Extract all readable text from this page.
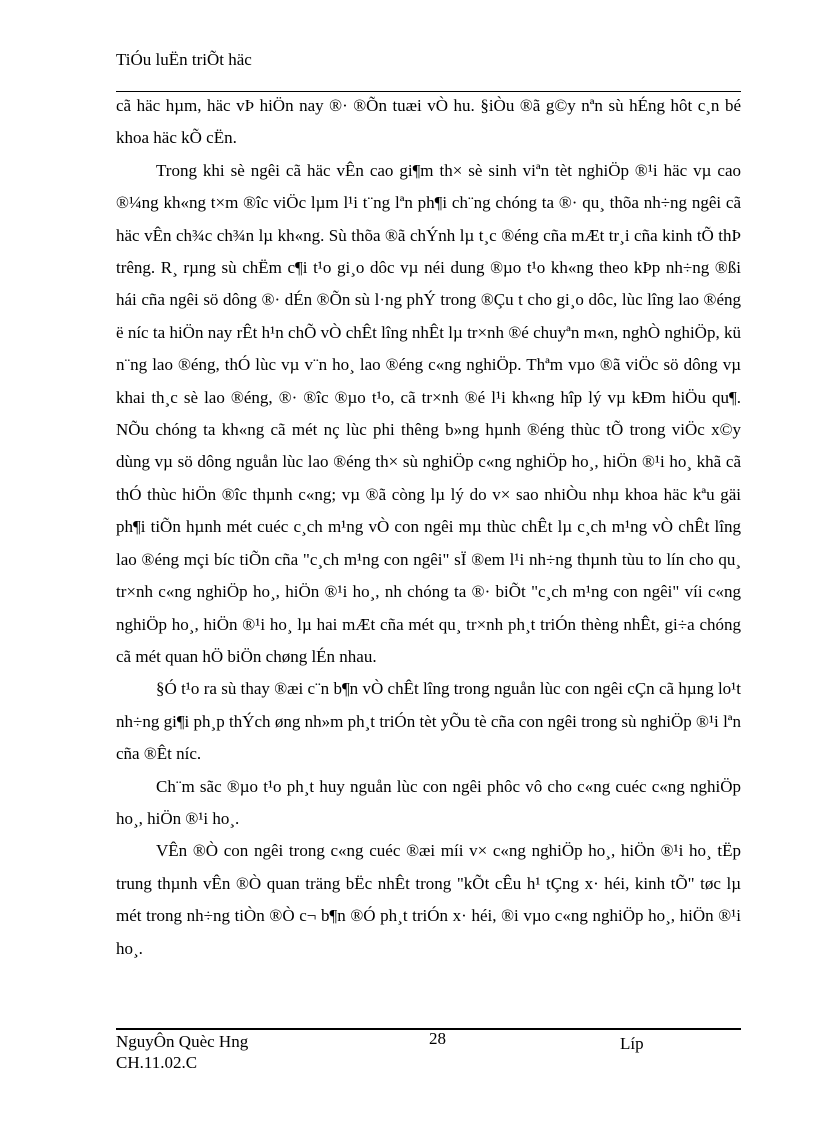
TiÓu luËn triÕt häc

cã häc hµm, häc vÞ hiÖn nay ®· ®Õn tuæi vÒ hu. §iÒu ®ã g©y nªn sù hÉng hôt c¸n bé khoa häc kÕ cËn.

Trong khi sè ngêi cã häc vÊn cao gi¶m th× sè sinh viªn tèt nghiÖp ®¹i häc vµ cao ®¼ng kh«ng t×m ®îc viÖc lµm l¹i t¨ng lªn ph¶i ch¨ng chóng ta ®· qu¸ thõa nh÷ng ngêi cã häc vÊn ch¾c ch¾n lµ kh«ng. Sù thõa ®ã chÝnh lµ t¸c ®éng cña mÆt tr¸i cña kinh tÕ thÞ trêng. R¸ rµng sù chËm c¶i t¹o gi¸o dôc vµ néi dung ®µo t¹o kh«ng theo kÞp nh÷ng ®ßi hái cña ngêi sö dông ®· dÉn ®Õn sù l·ng phÝ trong ®Çu t cho gi¸o dôc, lùc lîng lao ®éng ë níc ta hiÖn nay rÊt h¹n chÕ vÒ chÊt lîng nhÊt lµ tr×nh ®é chuyªn m«n, nghÒ nghiÖp, kü n¨ng lao ®éng, thÓ lùc vµ v¨n ho¸ lao ®éng c«ng nghiÖp. Thªm vµo ®ã viÖc sö dông vµ khai th¸c sè lao ®éng, ®· ®îc ®µo t¹o, cã tr×nh ®é l¹i kh«ng hîp lý vµ kÐm hiÖu qu¶. NÕu chóng ta kh«ng cã mét nç lùc phi thêng b»ng hµnh ®éng thùc tÕ trong viÖc x©y dùng vµ sö dông nguån lùc lao ®éng th× sù nghiÖp c«ng nghiÖp ho¸, hiÖn ®¹i ho¸ khã cã thÓ thùc hiÖn ®îc thµnh c«ng; vµ ®ã còng lµ lý do v× sao nhiÒu nhµ khoa häc kªu gäi ph¶i tiÕn hµnh mét cuéc c¸ch m¹ng vÒ con ngêi mµ thùc chÊt lµ c¸ch m¹ng vÒ chÊt lîng lao ®éng mçi bíc tiÕn cña "c¸ch m¹ng con ngêi" sÏ ®em l¹i nh÷ng thµnh tùu to lín cho qu¸ tr×nh c«ng nghiÖp ho¸, hiÖn ®¹i ho¸, nh chóng ta ®· biÕt "c¸ch m¹ng con ngêi" víi c«ng nghiÖp ho¸, hiÖn ®¹i ho¸ lµ hai mÆt cña mét qu¸ tr×nh ph¸t triÓn thèng nhÊt, gi÷a chóng cã mét quan hÖ biÖn chøng lÉn nhau.

§Ó t¹o ra sù thay ®æi c¨n b¶n vÒ chÊt lîng trong nguån lùc con ngêi cÇn cã hµng lo¹t nh÷ng gi¶i ph¸p thÝch øng nh»m ph¸t triÓn tèt yÕu tè cña con ngêi trong sù nghiÖp ®¹i lªn cña ®Êt níc.

Ch¨m sãc ®µo t¹o ph¸t huy nguån lùc con ngêi phôc vô cho c«ng cuéc c«ng nghiÖp ho¸, hiÖn ®¹i ho¸.

VÊn ®Ò con ngêi trong c«ng cuéc ®æi míi v× c«ng nghiÖp ho¸, hiÖn ®¹i ho¸ tËp trung thµnh vÊn ®Ò quan träng bËc nhÊt trong "kÕt cÊu h¹ tÇng x· héi, kinh tÕ" tøc lµ mét trong nh÷ng tiÒn ®Ò c¬ b¶n ®Ó ph¸t triÓn x· héi, ®i vµo c«ng nghiÖp ho¸, hiÖn ®¹i ho¸.

NguyÔn Quèc Hng
CH.11.02.C
28	Líp
